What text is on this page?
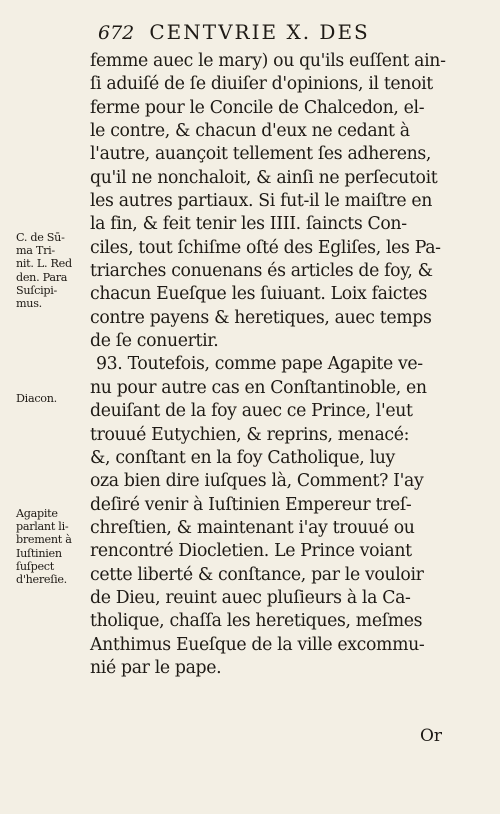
672 CENTVRIE X. DES
femme auec le mary) ou qu'ils euſſent ain-
ſi aduiſé de ſe diuiſer d'opinions, il tenoit
ferme pour le Concile de Chalcedon, el-
le contre, & chacun d'eux ne cedant à
l'autre, auançoit tellement ſes adherens,
qu'il ne nonchaloit, & ainſi ne perſecutoit
les autres partiaux. Si fut-il le maiſtre en
la fin, & feit tenir les IIII. ſaincts Con-
ciles, tout ſchiſme oſté des Egliſes, les Pa-
triarches conuenans és articles de foy, &
chacun Eueſque les ſuiuant. Loix faictes
contre payens & heretiques, auec temps
de ſe conuertir.
93. Toutefois, comme pape Agapite ve-
nu pour autre cas en Conſtantinoble, en
deuiſant de la foy auec ce Prince, l'eut
trouué Eutychien, & reprins, menacé:
&, conſtant en la foy Catholique, luy
oza bien dire iuſques là, Comment? I'ay
deſiré venir à Iuſtinien Empereur treſ-
chreſtien, & maintenant i'ay trouué ou
rencontré Diocletien. Le Prince voiant
cette liberté & conſtance, par le vouloir
de Dieu, reuint auec pluſieurs à la Ca-
tholique, chaſſa les heretiques, meſmes
Anthimus Eueſque de la ville excommu-
nié par le pape.
C. de Sū-
ma Tri-
nit. L. Red
den. Para
Suſcipi-
mus.
Diacon.
Agapite
parlant li-
brement à
Iuſtinien
ſuſpect
d'hereſie.
Or
